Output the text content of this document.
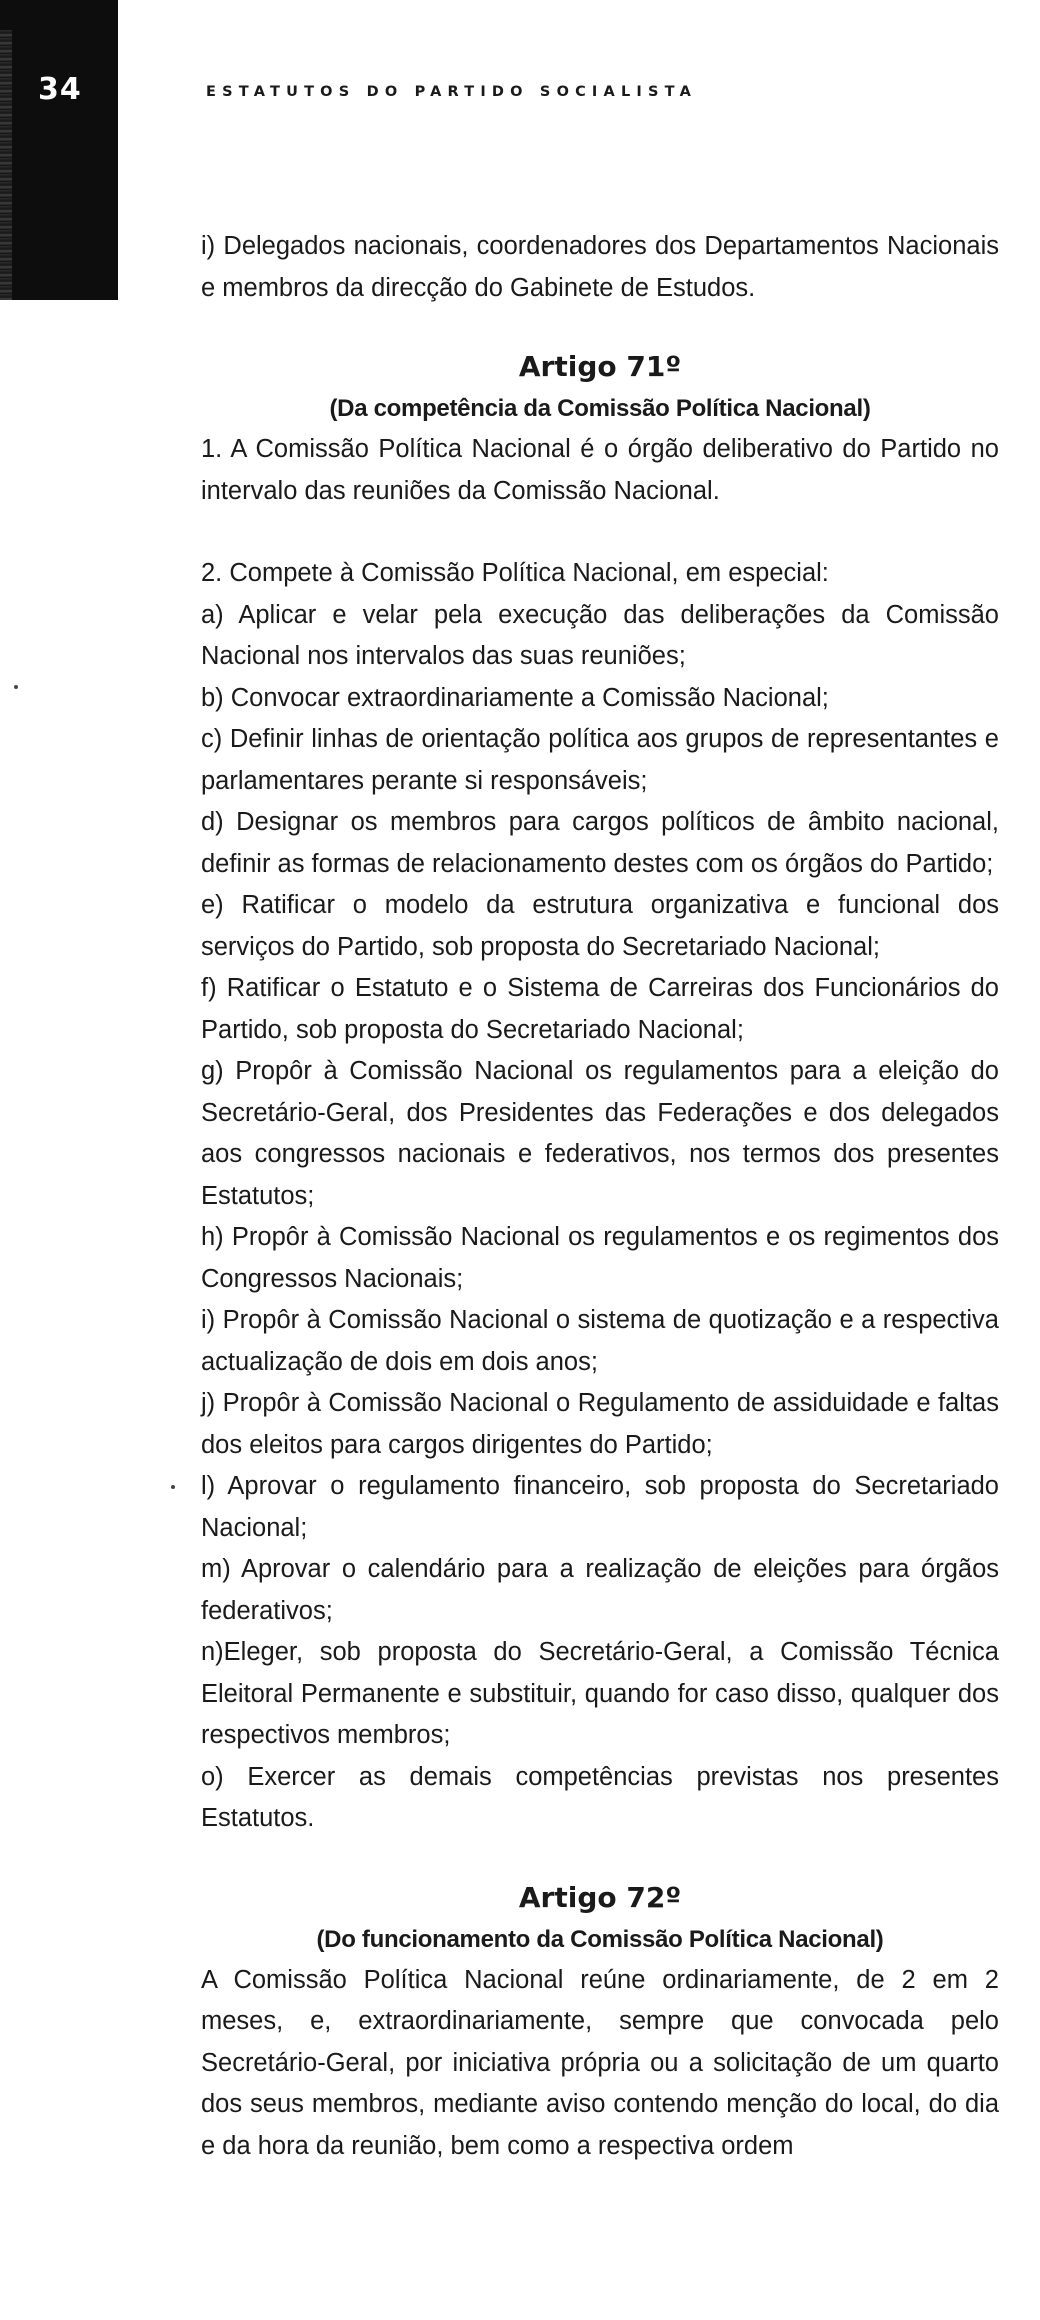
34	ESTATUTOS DO PARTIDO SOCIALISTA

i) Delegados nacionais, coordenadores dos Departamentos Nacionais e membros da direcção do Gabinete de Estudos.

Artigo 71º
(Da competência da Comissão Política Nacional)

1. A Comissão Política Nacional é o órgão deliberativo do Partido no intervalo das reuniões da Comissão Nacional.

2. Compete à Comissão Política Nacional, em especial:

a) Aplicar e velar pela execução das deliberações da Comissão Nacional nos intervalos das suas reuniões;

b) Convocar extraordinariamente a Comissão Nacional;

c) Definir linhas de orientação política aos grupos de representantes e parlamentares perante si responsáveis;

d) Designar os membros para cargos políticos de âmbito nacional, definir as formas de relacionamento destes com os órgãos do Partido;

e) Ratificar o modelo da estrutura organizativa e funcional dos serviços do Partido, sob proposta do Secretariado Nacional;

f) Ratificar o Estatuto e o Sistema de Carreiras dos Funcionários do Partido, sob proposta do Secretariado Nacional;

g) Propôr à Comissão Nacional os regulamentos para a eleição do Secretário-Geral, dos Presidentes das Federações e dos delegados aos congressos nacionais e federativos, nos termos dos presentes Estatutos;

h) Propôr à Comissão Nacional os regulamentos e os regimentos dos Congressos Nacionais;

i) Propôr à Comissão Nacional o sistema de quotização e a respectiva actualização de dois em dois anos;

j) Propôr à Comissão Nacional o Regulamento de assiduidade e faltas dos eleitos para cargos dirigentes do Partido;

l) Aprovar o regulamento financeiro, sob proposta do Secretariado Nacional;

m) Aprovar o calendário para a realização de eleições para órgãos federativos;

n)Eleger, sob proposta do Secretário-Geral, a Comissão Técnica Eleitoral Permanente e substituir, quando for caso disso, qualquer dos respectivos membros;

o) Exercer as demais competências previstas nos presentes Estatutos.

Artigo 72º
(Do funcionamento da Comissão Política Nacional)

A Comissão Política Nacional reúne ordinariamente, de 2 em 2 meses, e, extraordinariamente, sempre que convocada pelo Secretário-Geral, por iniciativa própria ou a solicitação de um quarto dos seus membros, mediante aviso contendo menção do local, do dia e da hora da reunião, bem como a respectiva ordem
